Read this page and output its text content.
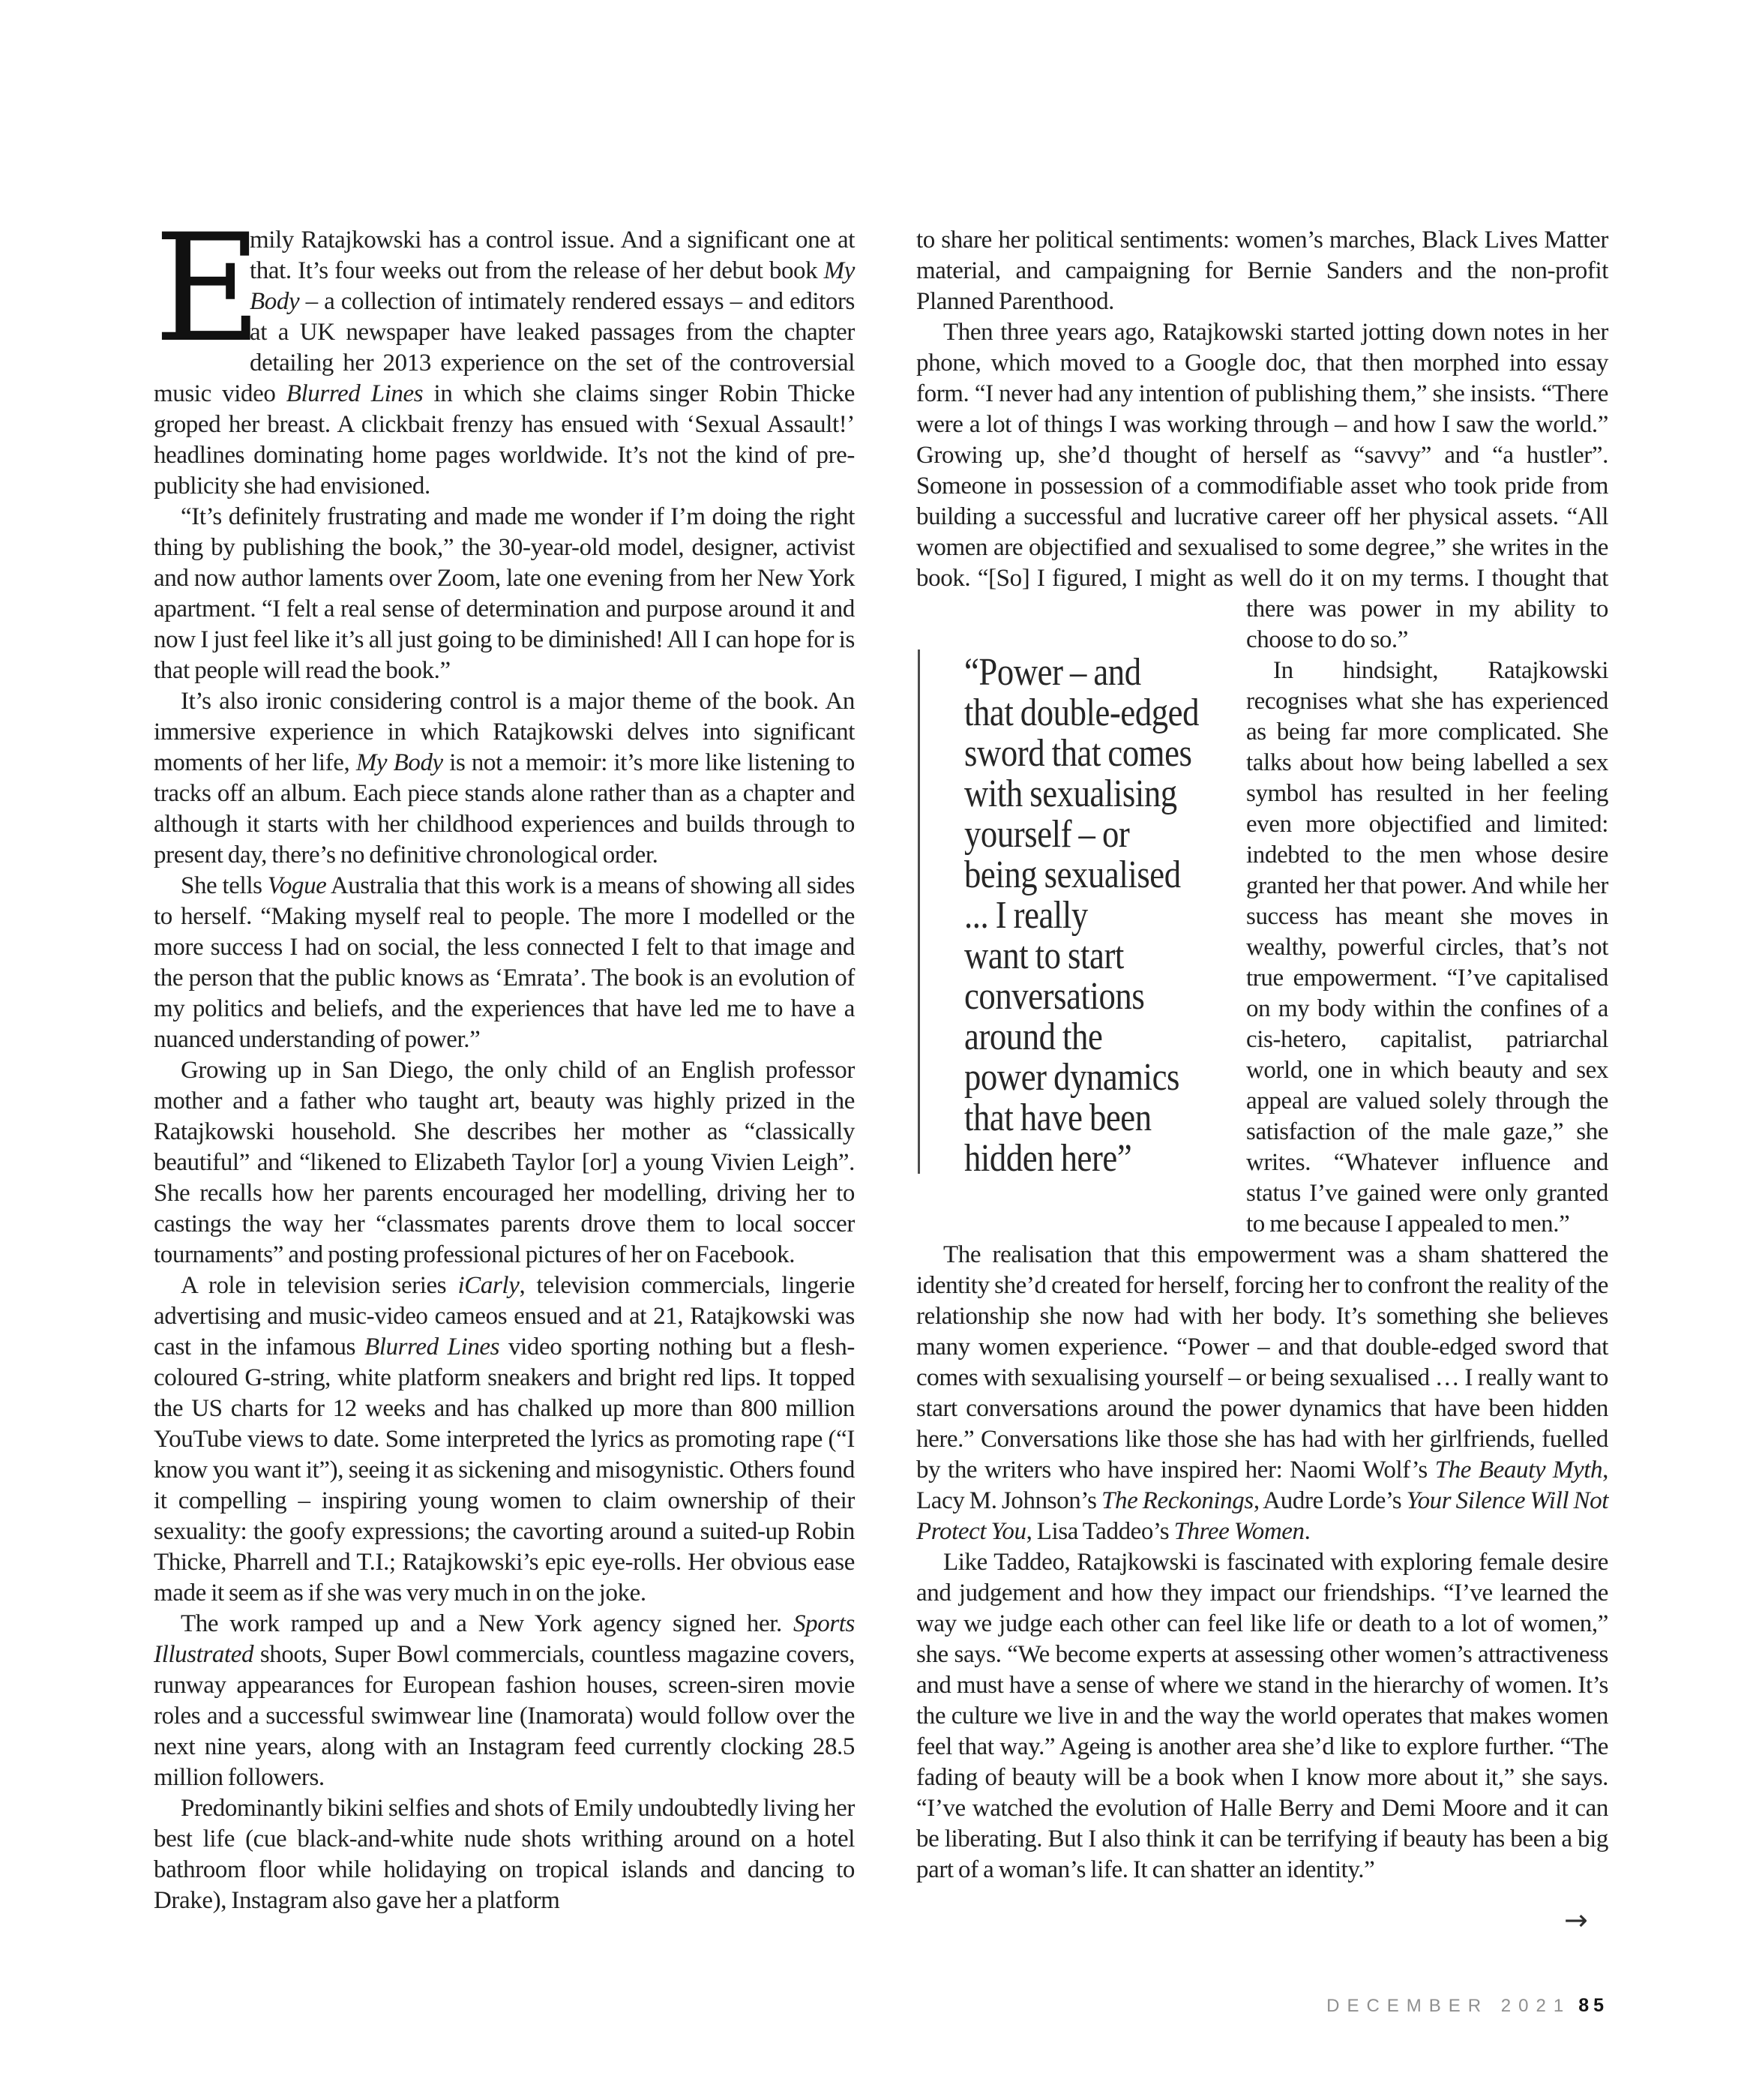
E
mily Ratajkowski has a control issue. And a significant one at that. It’s four weeks out from the release of her debut book My Body – a collection of intimately rendered essays – and editors at a UK newspaper have leaked passages from the chapter detailing her 2013 experience on the set of the controversial music video Blurred Lines in which she claims singer Robin Thicke groped her breast. A clickbait frenzy has ensued with ‘Sexual Assault!’ headlines dominating home pages worldwide. It’s not the kind of pre-publicity she had envisioned.

“It’s definitely frustrating and made me wonder if I’m doing the right thing by publishing the book,” the 30-year-old model, designer, activist and now author laments over Zoom, late one evening from her New York apartment. “I felt a real sense of determination and purpose around it and now I just feel like it’s all just going to be diminished! All I can hope for is that people will read the book.”

It’s also ironic considering control is a major theme of the book. An immersive experience in which Ratajkowski delves into significant moments of her life, My Body is not a memoir: it’s more like listening to tracks off an album. Each piece stands alone rather than as a chapter and although it starts with her childhood experiences and builds through to present day, there’s no definitive chronological order.

She tells Vogue Australia that this work is a means of showing all sides to herself. “Making myself real to people. The more I modelled or the more success I had on social, the less connected I felt to that image and the person that the public knows as ‘Emrata’. The book is an evolution of my politics and beliefs, and the experiences that have led me to have a nuanced understanding of power.”

Growing up in San Diego, the only child of an English professor mother and a father who taught art, beauty was highly prized in the Ratajkowski household. She describes her mother as “classically beautiful” and “likened to Elizabeth Taylor [or] a young Vivien Leigh”. She recalls how her parents encouraged her modelling, driving her to castings the way her “classmates parents drove them to local soccer tournaments” and posting professional pictures of her on Facebook.

A role in television series iCarly, television commercials, lingerie advertising and music-video cameos ensued and at 21, Ratajkowski was cast in the infamous Blurred Lines video sporting nothing but a flesh-coloured G-string, white platform sneakers and bright red lips. It topped the US charts for 12 weeks and has chalked up more than 800 million YouTube views to date. Some interpreted the lyrics as promoting rape (“I know you want it”), seeing it as sickening and misogynistic. Others found it compelling – inspiring young women to claim ownership of their sexuality: the goofy expressions; the cavorting around a suited-up Robin Thicke, Pharrell and T.I.; Ratajkowski’s epic eye-rolls. Her obvious ease made it seem as if she was very much in on the joke.

The work ramped up and a New York agency signed her. Sports Illustrated shoots, Super Bowl commercials, countless magazine covers, runway appearances for European fashion houses, screen-siren movie roles and a successful swimwear line (Inamorata) would follow over the next nine years, along with an Instagram feed currently clocking 28.5 million followers.

Predominantly bikini selfies and shots of Emily undoubtedly living her best life (cue black-and-white nude shots writhing around on a hotel bathroom floor while holidaying on tropical islands and dancing to Drake), Instagram also gave her a platform

“Power – and
that double-edged
sword that comes
with sexualising
yourself – or
being sexualised
... I really
want to start
conversations
around the
power dynamics
that have been
hidden here”

to share her political sentiments: women’s marches, Black Lives Matter material, and campaigning for Bernie Sanders and the non-profit Planned Parenthood.

Then three years ago, Ratajkowski started jotting down notes in her phone, which moved to a Google doc, that then morphed into essay form. “I never had any intention of publishing them,” she insists. “There were a lot of things I was working through – and how I saw the world.” Growing up, she’d thought of herself as “savvy” and “a hustler”. Someone in possession of a commodifiable asset who took pride from building a successful and lucrative career off her physical assets. “All women are objectified and sexualised to some degree,” she writes in the book. “[So] I figured, I might as well do it on my terms. I thought that there was power in my ability to choose to do so.”

In hindsight, Ratajkowski recognises what she has experienced as being far more complicated. She talks about how being labelled a sex symbol has resulted in her feeling even more objectified and limited: indebted to the men whose desire granted her that power. And while her success has meant she moves in wealthy, powerful circles, that’s not true empowerment. “I’ve capitalised on my body within the confines of a cis-hetero, capitalist, patriarchal world, one in which beauty and sex appeal are valued solely through the satisfaction of the male gaze,” she writes. “Whatever influence and status I’ve gained were only granted to me because I appealed to men.”

The realisation that this empowerment was a sham shattered the identity she’d created for herself, forcing her to confront the reality of the relationship she now had with her body. It’s something she believes many women experience. “Power – and that double-edged sword that comes with sexualising yourself – or being sexualised … I really want to start conversations around the power dynamics that have been hidden here.” Conversations like those she has had with her girlfriends, fuelled by the writers who have inspired her: Naomi Wolf’s The Beauty Myth, Lacy M. Johnson’s The Reckonings, Audre Lorde’s Your Silence Will Not Protect You, Lisa Taddeo’s Three Women.

Like Taddeo, Ratajkowski is fascinated with exploring female desire and judgement and how they impact our friendships. “I’ve learned the way we judge each other can feel like life or death to a lot of women,” she says. “We become experts at assessing other women’s attractiveness and must have a sense of where we stand in the hierarchy of women. It’s the culture we live in and the way the world operates that makes women feel that way.” Ageing is another area she’d like to explore further. “The fading of beauty will be a book when I know more about it,” she says. “I’ve watched the evolution of Halle Berry and Demi Moore and it can be liberating. But I also think it can be terrifying if beauty has been a big part of a woman’s life. It can shatter an identity.”

→
DECEMBER 2021 85
